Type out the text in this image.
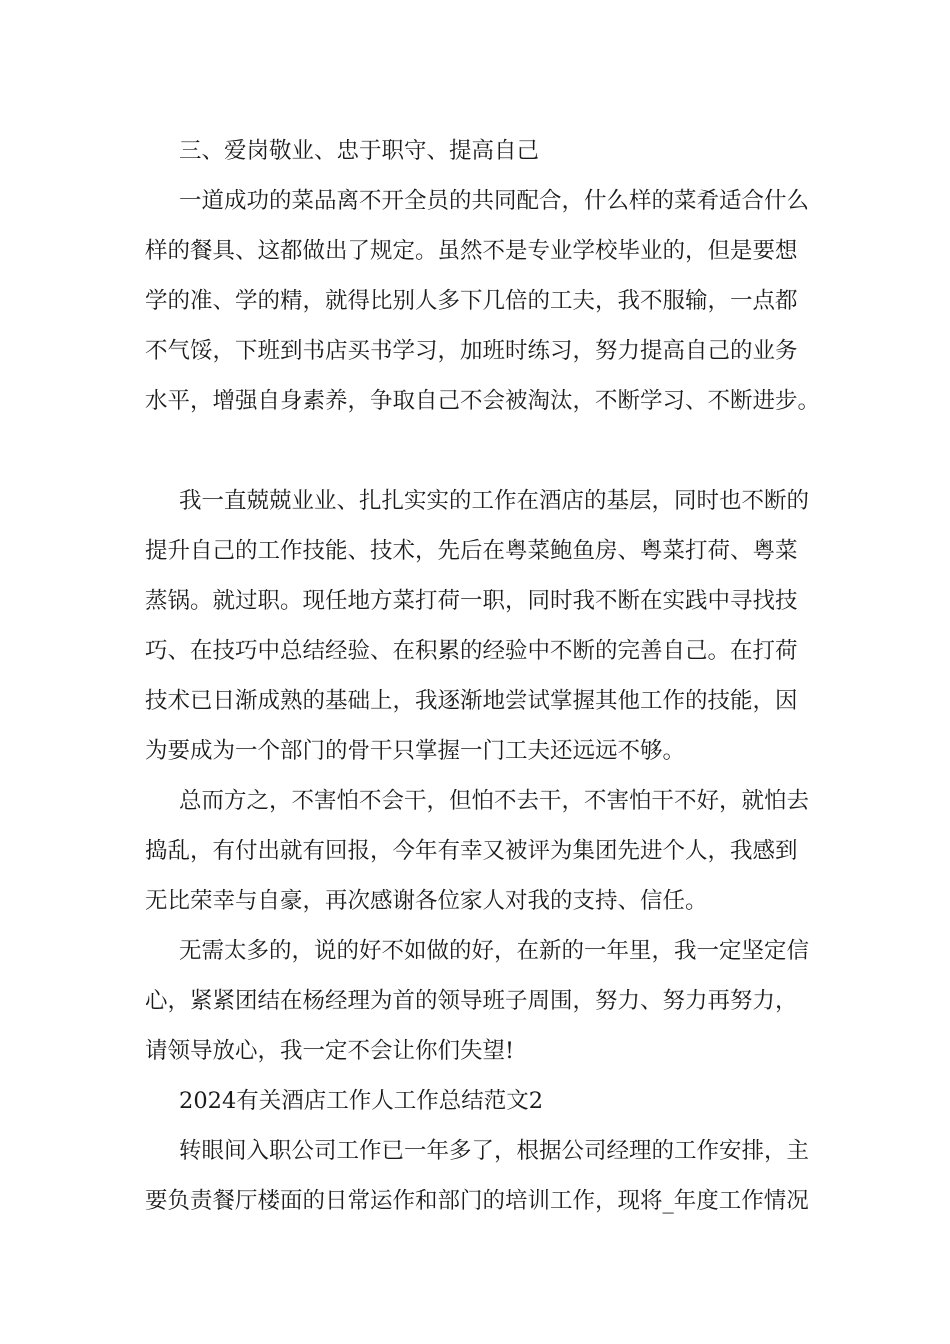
三、爱岗敬业、忠于职守、提高自己
一道成功的菜品离不开全员的共同配合，什么样的菜肴适合什么
样的餐具、这都做出了规定。虽然不是专业学校毕业的，但是要想
学的准、学的精，就得比别人多下几倍的工夫，我不服输，一点都
不气馁，下班到书店买书学习，加班时练习，努力提高自己的业务
水平，增强自身素养，争取自己不会被淘汰，不断学习、不断进步。
我一直兢兢业业、扎扎实实的工作在酒店的基层，同时也不断的
提升自己的工作技能、技术，先后在粤菜鲍鱼房、粤菜打荷、粤菜
蒸锅。就过职。现任地方菜打荷一职，同时我不断在实践中寻找技
巧、在技巧中总结经验、在积累的经验中不断的完善自己。在打荷
技术已日渐成熟的基础上，我逐渐地尝试掌握其他工作的技能，因
为要成为一个部门的骨干只掌握一门工夫还远远不够。
总而方之，不害怕不会干，但怕不去干，不害怕干不好，就怕去
捣乱，有付出就有回报，今年有幸又被评为集团先进个人，我感到
无比荣幸与自豪，再次感谢各位家人对我的支持、信任。
无需太多的，说的好不如做的好，在新的一年里，我一定坚定信
心，紧紧团结在杨经理为首的领导班子周围，努力、努力再努力，
请领导放心，我一定不会让你们失望!
2024有关酒店工作人工作总结范文2
转眼间入职公司工作已一年多了，根据公司经理的工作安排，主
要负责餐厅楼面的日常运作和部门的培训工作，现将_年度工作情况
